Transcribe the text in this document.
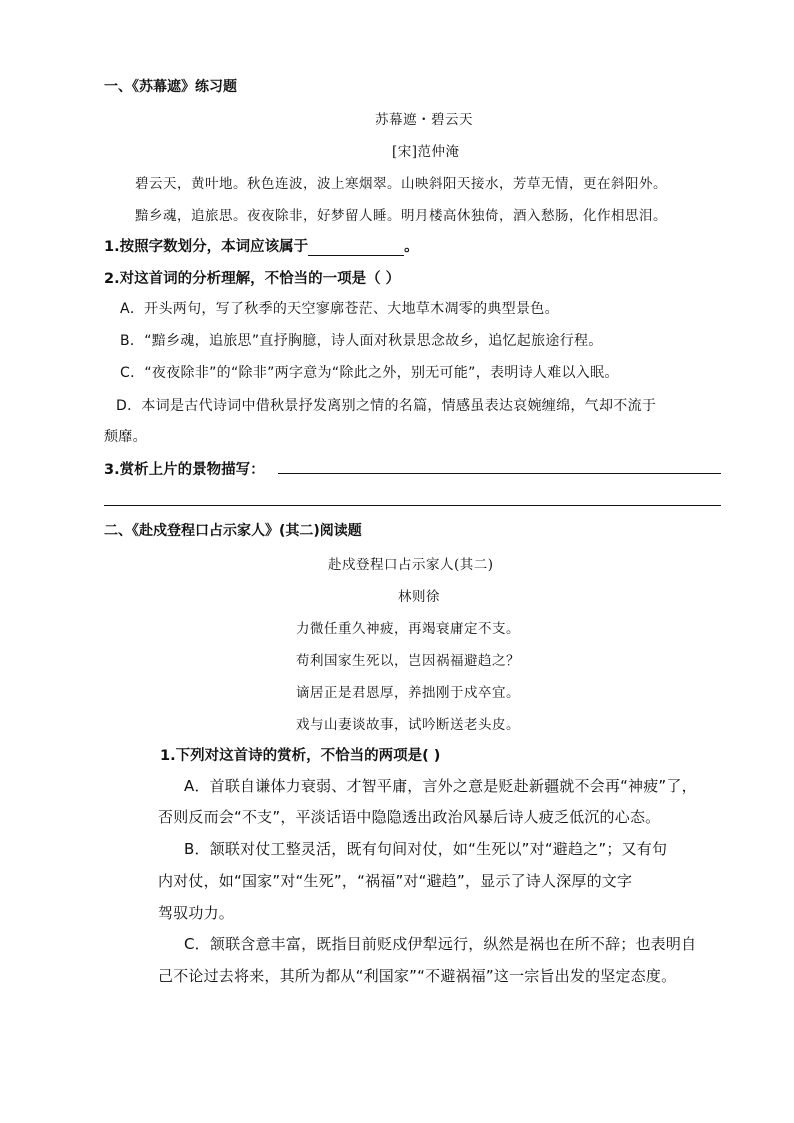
一、《苏幕遮》练习题
苏幕遮・碧云天
[宋]范仲淹
碧云天，黄叶地。秋色连波，波上寒烟翠。山映斜阳天接水，芳草无情，更在斜阳外。
黯乡魂，追旅思。夜夜除非，好梦留人睡。明月楼高休独倚，酒入愁肠，化作相思泪。
1.按照字数划分，本词应该属于	。
2.对这首词的分析理解，不恰当的一项是（ ）
A．开头两句，写了秋季的天空寥廓苍茫、大地草木凋零的典型景色。
B．“黯乡魂，追旅思”直抒胸臆，诗人面对秋景思念故乡，追忆起旅途行程。
C．“夜夜除非”的“除非”两字意为“除此之外，别无可能”，表明诗人难以入眠。
D．本词是古代诗词中借秋景抒发离别之情的名篇，情感虽表达哀婉缠绵，气却不流于
颓靡。
3.赏析上片的景物描写：
二、《赴戍登程口占示家人》(其二)阅读题
赴戍登程口占示家人(其二)
林则徐
力微任重久神疲，再竭衰庸定不支。
苟利国家生死以，岂因祸福避趋之？
谪居正是君恩厚，养拙刚于戍卒宜。
戏与山妻谈故事，试吟断送老头皮。
1.下列对这首诗的赏析，不恰当的两项是( )
A．首联自谦体力衰弱、才智平庸，言外之意是贬赴新疆就不会再“神疲”了，
否则反而会“不支”，平淡话语中隐隐透出政治风暴后诗人疲乏低沉的心态。
B．颔联对仗工整灵活，既有句间对仗，如“生死以”对“避趋之”；又有句
内对仗，如“国家”对“生死”，“祸福”对“避趋”，显示了诗人深厚的文字
驾驭功力。
C．颔联含意丰富，既指目前贬戍伊犁远行，纵然是祸也在所不辞；也表明自
己不论过去将来，其所为都从“利国家”“不避祸福”这一宗旨出发的坚定态度。
